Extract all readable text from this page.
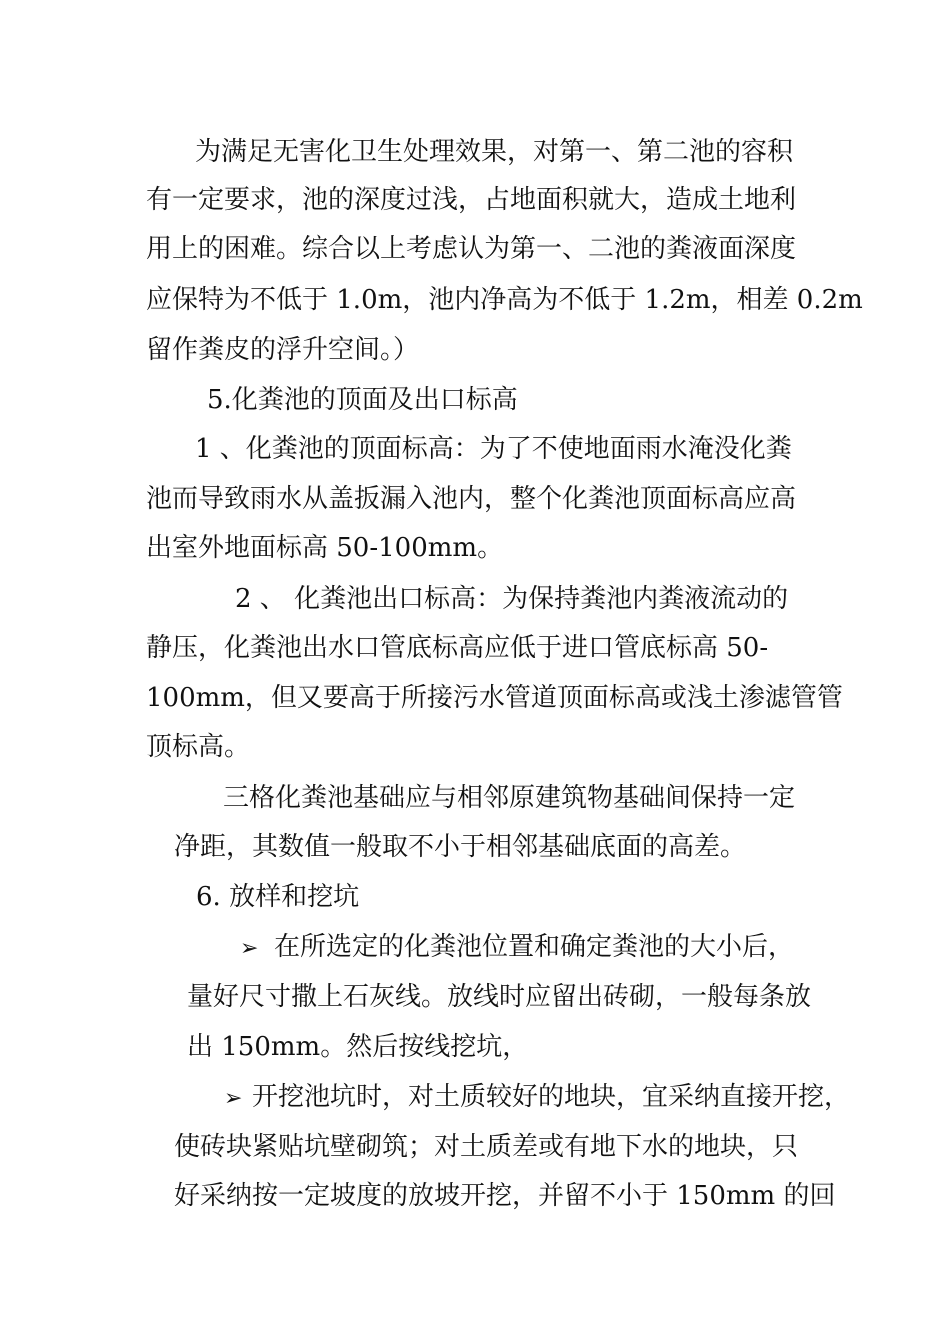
为满足无害化卫生处理效果，对第一、第二池的容积
有一定要求，池的深度过浅，占地面积就大，造成土地利
用上的困难。综合以上考虑认为第一、二池的粪液面深度
应保特为不低于 1.0m，池内净高为不低于 1.2m，相差 0.2m
留作粪皮的浮升空间。）
5.化粪池的顶面及出口标高
1 、化粪池的顶面标高：为了不使地面雨水淹没化粪
池而导致雨水从盖扳漏入池内，整个化粪池顶面标高应高
出室外地面标高 50-100mm。
2 、 化粪池出口标高：为保持粪池内粪液流动的
静压，化粪池出水口管底标高应低于进口管底标高 50-
100mm，但又要高于所接污水管道顶面标高或浅土渗滤管管
顶标高。
三格化粪池基础应与相邻原建筑物基础间保持一定
净距，其数值一般取不小于相邻基础底面的高差。
6. 放样和挖坑
➢ 在所选定的化粪池位置和确定粪池的大小后，
量好尺寸撒上石灰线。放线时应留出砖砌，一般每条放
出 150mm。然后按线挖坑，
➢ 开挖池坑时，对土质较好的地块，宜采纳直接开挖，
使砖块紧贴坑壁砌筑；对土质差或有地下水的地块，只
好采纳按一定坡度的放坡开挖，并留不小于 150mm 的回
